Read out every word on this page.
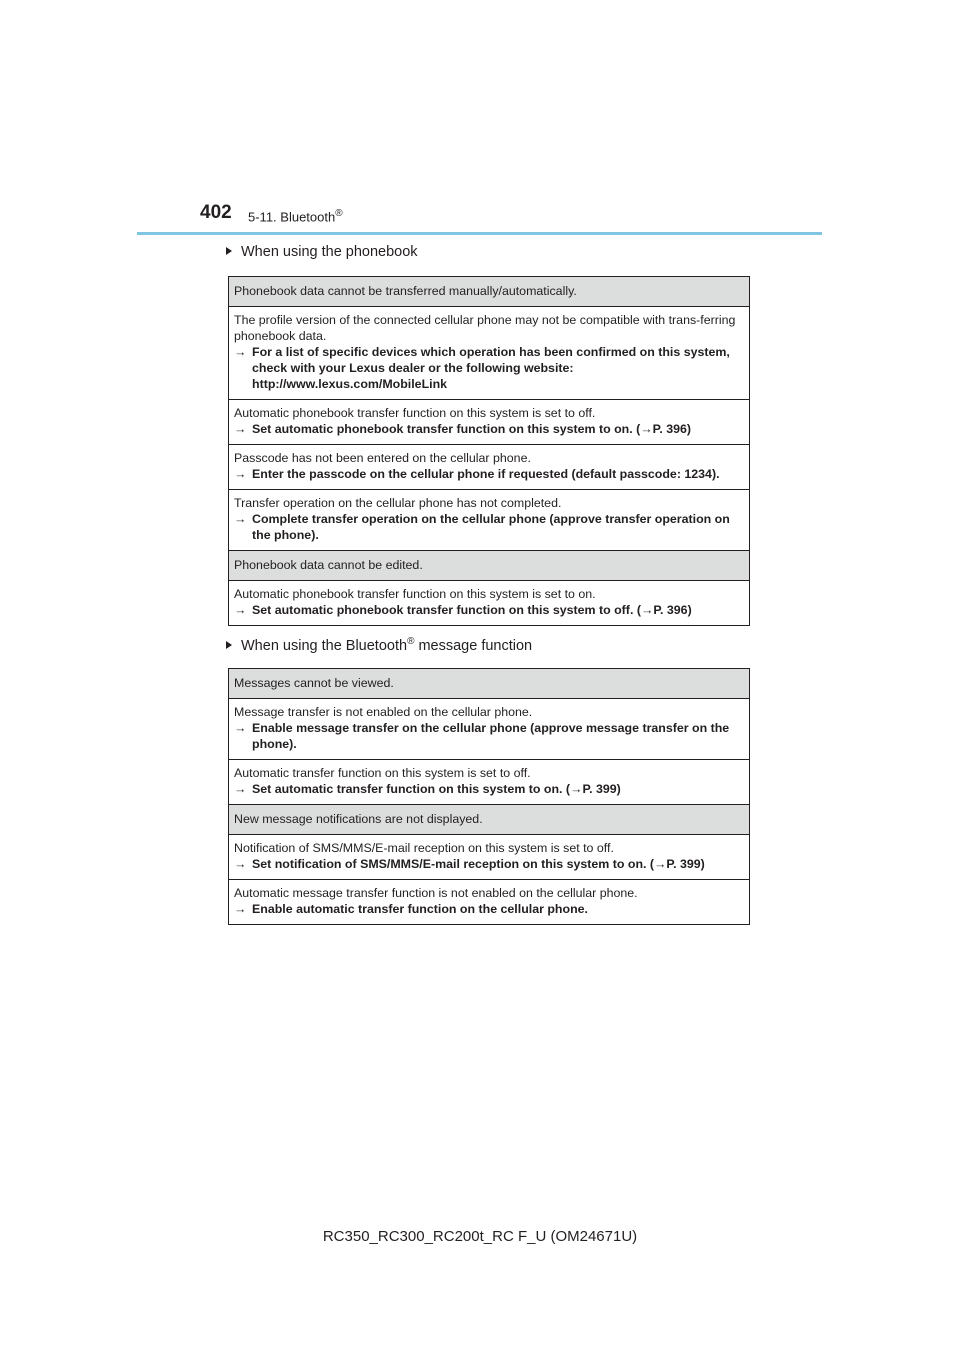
402 5-11. Bluetooth®
When using the phonebook
Phonebook data cannot be transferred manually/automatically.
The profile version of the connected cellular phone may not be compatible with trans-ferring phonebook data.
→ For a list of specific devices which operation has been confirmed on this system, check with your Lexus dealer or the following website: http://www.lexus.com/MobileLink
Automatic phonebook transfer function on this system is set to off.
→ Set automatic phonebook transfer function on this system to on. (→P. 396)
Passcode has not been entered on the cellular phone.
→ Enter the passcode on the cellular phone if requested (default passcode: 1234).
Transfer operation on the cellular phone has not completed.
→ Complete transfer operation on the cellular phone (approve transfer operation on the phone).
Phonebook data cannot be edited.
Automatic phonebook transfer function on this system is set to on.
→ Set automatic phonebook transfer function on this system to off. (→P. 396)
When using the Bluetooth® message function
Messages cannot be viewed.
Message transfer is not enabled on the cellular phone.
→ Enable message transfer on the cellular phone (approve message transfer on the phone).
Automatic transfer function on this system is set to off.
→ Set automatic transfer function on this system to on. (→P. 399)
New message notifications are not displayed.
Notification of SMS/MMS/E-mail reception on this system is set to off.
→ Set notification of SMS/MMS/E-mail reception on this system to on. (→P. 399)
Automatic message transfer function is not enabled on the cellular phone.
→ Enable automatic transfer function on the cellular phone.
RC350_RC300_RC200t_RC F_U (OM24671U)
